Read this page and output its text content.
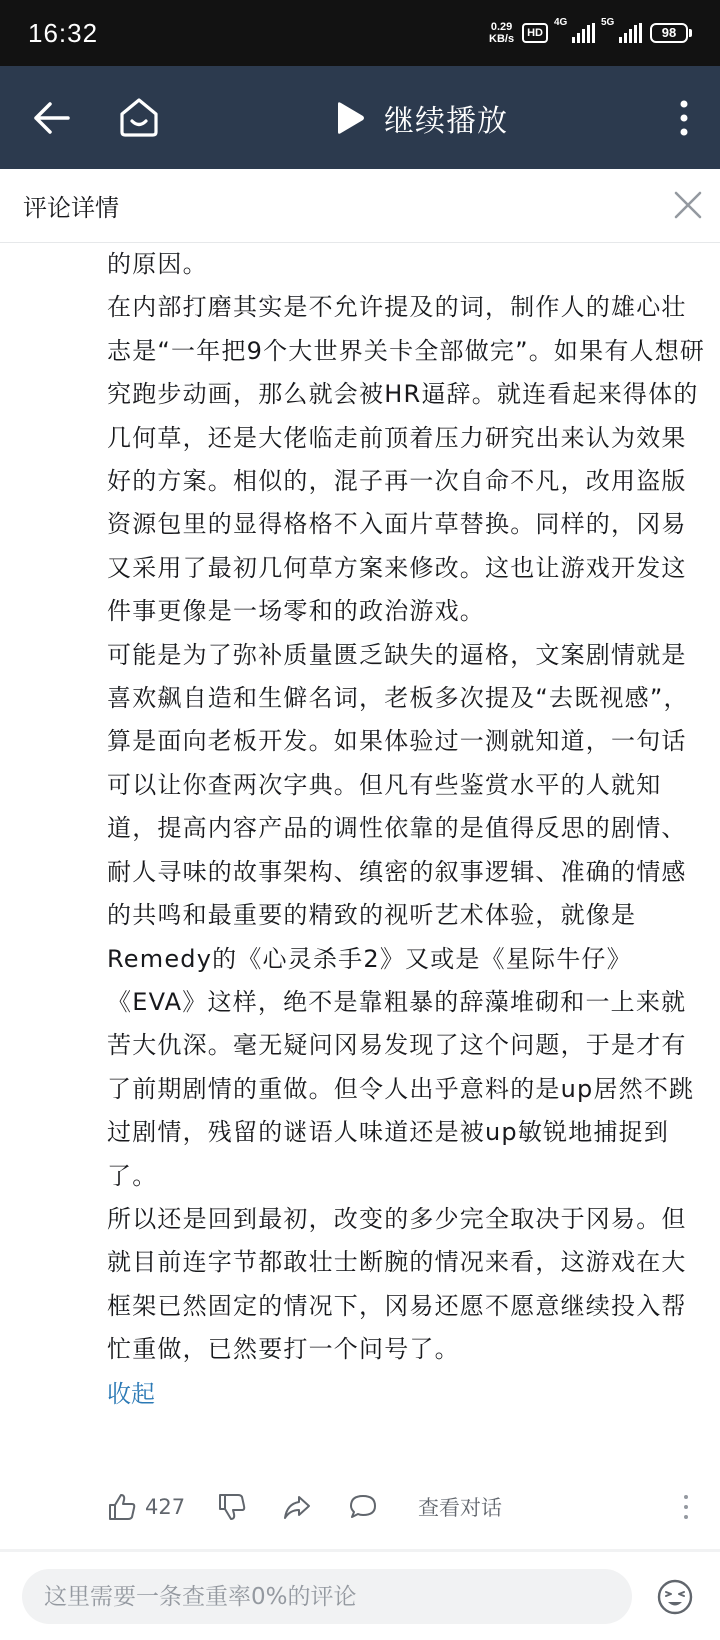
16:32	0.29
KB/s	HD
4G	5G
98
继续播放
评论详情

的原因。

在内部打磨其实是不允许提及的词，制作人的雄心壮志是“一年把9个大世界关卡全部做完”。如果有人想研究跑步动画，那么就会被HR逼辞。就连看起来得体的几何草，还是大佬临走前顶着压力研究出来认为效果好的方案。相似的，混子再一次自命不凡，改用盗版资源包里的显得格格不入面片草替换。同样的，冈易又采用了最初几何草方案来修改。这也让游戏开发这件事更像是一场零和的政治游戏。

可能是为了弥补质量匮乏缺失的逼格，文案剧情就是喜欢飙自造和生僻名词，老板多次提及“去既视感”，算是面向老板开发。如果体验过一测就知道，一句话可以让你查两次字典。但凡有些鉴赏水平的人就知道，提高内容产品的调性依靠的是值得反思的剧情、耐人寻味的故事架构、缜密的叙事逻辑、准确的情感的共鸣和最重要的精致的视听艺术体验，就像是Remedy的《心灵杀手2》又或是《星际牛仔》《EVA》这样，绝不是靠粗暴的辞藻堆砌和一上来就苦大仇深。毫无疑问冈易发现了这个问题，于是才有了前期剧情的重做。但令人出乎意料的是up居然不跳过剧情，残留的谜语人味道还是被up敏锐地捕捉到了。

所以还是回到最初，改变的多少完全取决于冈易。但就目前连字节都敢壮士断腕的情况来看，这游戏在大框架已然固定的情况下，冈易还愿不愿意继续投入帮忙重做，已然要打一个问号了。

收起
427	查看对话
这里需要一条查重率0%的评论
